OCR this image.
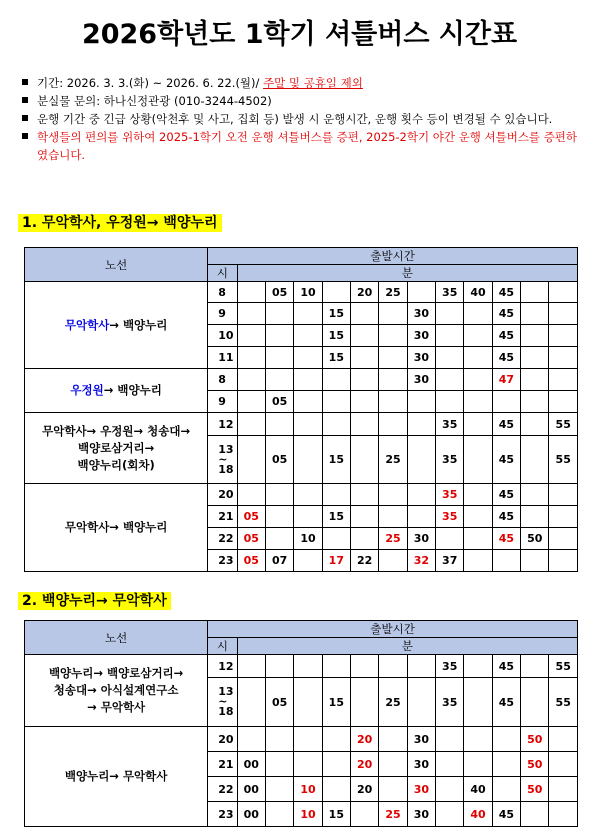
2026학년도 1학기 셔틀버스 시간표
기간: 2026. 3. 3.(화) ~ 2026. 6. 22.(월)/ 주말 및 공휴일 제외
분실물 문의: 하나신정관광 (010-3244-4502)
운행 기간 중 긴급 상황(악천후 및 사고, 집회 등) 발생 시 운행시간, 운행 횟수 등이 변경될 수 있습니다.
학생들의 편의를 위하여 2025-1학기 오전 운행 셔틀버스를 증편, 2025-2학기 야간 운행 셔틀버스를 증편하였습니다.
1. 무악학사, 우정원→ 백양누리
노선	출발시간												
	시	분											
무악학사→ 백양누리	8		05	10		20	25		35	40	45		
	9				15			30			45		
	10				15			30			45		
	11				15			30			45		
우정원→ 백양누리	8							30			47		
	9		05										

무악학사→ 우정원→ 청송대→
백양로삼거리→
백양누리(회차)	12								35		45		55

	13
~
18		05		15		25		35		45		55

무악학사→ 백양누리	20								35		45		
	21	05			15				35		45		
	22	05		10			25	30			45	50	
	23	05	07		17	22		32	37				
2. 백양누리→ 무악학사
노선	출발시간												
	시	분											

백양누리→ 백양로삼거리→
청송대→ 아식설계연구소
→ 무악학사	12								35		45		55

	13
~
18		05		15		25		35		45		55

백양누리→ 무악학사	20					20		30				50	
	21	00				20		30				50	
	22	00		10		20		30		40		50	
	23	00		10	15		25	30		40	45		
